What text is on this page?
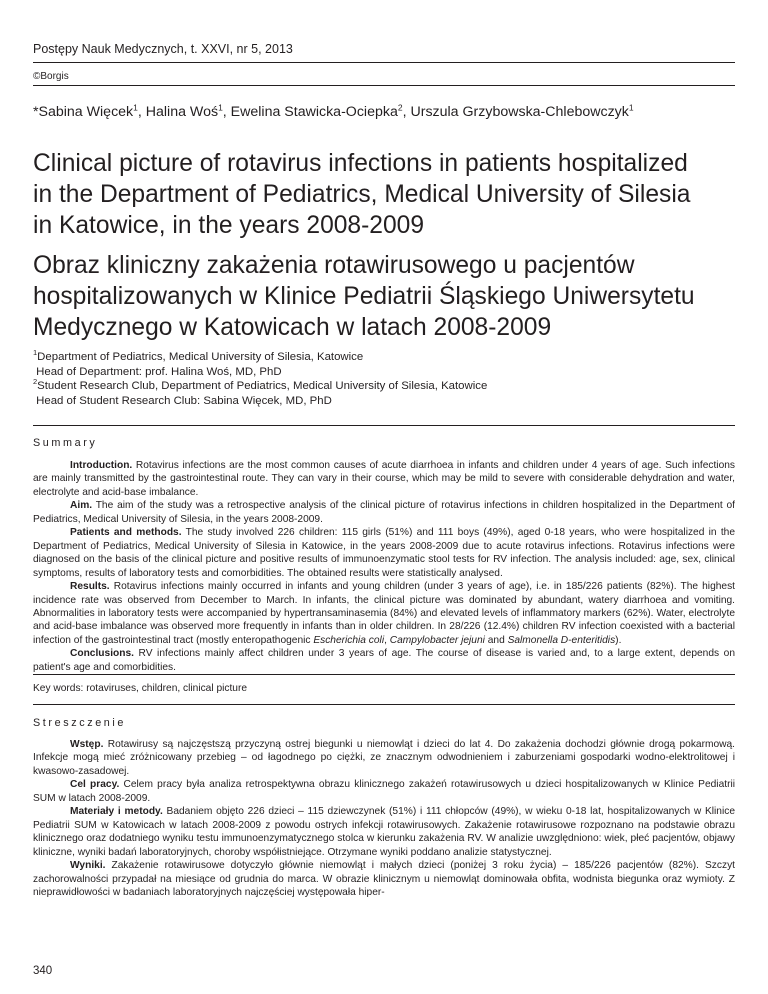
Postępy Nauk Medycznych, t. XXVI, nr 5, 2013
©Borgis
*Sabina Więcek$^1$, Halina Woś$^1$, Ewelina Stawicka-Ociepka$^2$, Urszula Grzybowska-Chlebowczyk$^1$
Clinical picture of rotavirus infections in patients hospitalized
in the Department of Pediatrics, Medical University of Silesia
in Katowice, in the years 2008-2009
Obraz kliniczny zakażenia rotawirusowego u pacjentów
hospitalizowanych w Klinice Pediatrii Śląskiego Uniwersytetu
Medycznego w Katowicach w latach 2008-2009
$^1$Department of Pediatrics, Medical University of Silesia, Katowice
Head of Department: prof. Halina Woś, MD, PhD
$^2$Student Research Club, Department of Pediatrics, Medical University of Silesia, Katowice
Head of Student Research Club: Sabina Więcek, MD, PhD
Summary

Introduction. Rotavirus infections are the most common causes of acute diarrhoea in infants and children under 4 years of age. Such infections are mainly transmitted by the gastrointestinal route. They can vary in their course, which may be mild to severe with considerable dehydration and water, electrolyte and acid-base imbalance.

Aim. The aim of the study was a retrospective analysis of the clinical picture of rotavirus infections in children hospitalized in the Department of Pediatrics, Medical University of Silesia, in the years 2008-2009.

Patients and methods. The study involved 226 children: 115 girls (51%) and 111 boys (49%), aged 0-18 years, who were hospitalized in the Department of Pediatrics, Medical University of Silesia in Katowice, in the years 2008-2009 due to acute rotavirus infections. Rotavirus infections were diagnosed on the basis of the clinical picture and positive results of immunoenzymatic stool tests for RV infection. The analysis included: age, sex, clinical symptoms, results of laboratory tests and comorbidities. The obtained results were statistically analysed.

Results. Rotavirus infections mainly occurred in infants and young children (under 3 years of age), i.e. in 185/226 patients (82%). The highest incidence rate was observed from December to March. In infants, the clinical picture was dominated by abundant, watery diarrhoea and vomiting. Abnormalities in laboratory tests were accompanied by hypertransaminasemia (84%) and elevated levels of inflammatory markers (62%). Water, electrolyte and acid-base imbalance was observed more frequently in infants than in older children. In 28/226 (12.4%) children RV infection coexisted with a bacterial infection of the gastrointestinal tract (mostly enteropathogenic Escherichia coli, Campylobacter jejuni and Salmonella D-enteritidis).

Conclusions. RV infections mainly affect children under 3 years of age. The course of disease is varied and, to a large extent, depends on patient's age and comorbidities.

Key words: rotaviruses, children, clinical picture
Streszczenie

Wstęp. Rotawirusy są najczęstszą przyczyną ostrej biegunki u niemowląt i dzieci do lat 4. Do zakażenia dochodzi głównie drogą pokarmową. Infekcje mogą mieć zróżnicowany przebieg – od łagodnego po ciężki, ze znacznym odwodnieniem i zaburzeniami gospodarki wodno-elektrolitowej i kwasowo-zasadowej.

Cel pracy. Celem pracy była analiza retrospektywna obrazu klinicznego zakażeń rotawirusowych u dzieci hospitalizowanych w Klinice Pediatrii SUM w latach 2008-2009.

Materiały i metody. Badaniem objęto 226 dzieci – 115 dziewczynek (51%) i 111 chłopców (49%), w wieku 0-18 lat, hospitalizowanych w Klinice Pediatrii SUM w Katowicach w latach 2008-2009 z powodu ostrych infekcji rotawirusowych. Zakażenie rotawirusowe rozpoznano na podstawie obrazu klinicznego oraz dodatniego wyniku testu immunoenzymatycznego stolca w kierunku zakażenia RV. W analizie uwzględniono: wiek, płeć pacjentów, objawy kliniczne, wyniki badań laboratoryjnych, choroby współistniejące. Otrzymane wyniki poddano analizie statystycznej.

Wyniki. Zakażenie rotawirusowe dotyczyło głównie niemowląt i małych dzieci (poniżej 3 roku życia) – 185/226 pacjentów (82%). Szczyt zachorowalności przypadał na miesiące od grudnia do marca. W obrazie klinicznym u niemowląt dominowała obfita, wodnista biegunka oraz wymioty. Z nieprawidłowości w badaniach laboratoryjnych najczęściej występowała hiper-

340
